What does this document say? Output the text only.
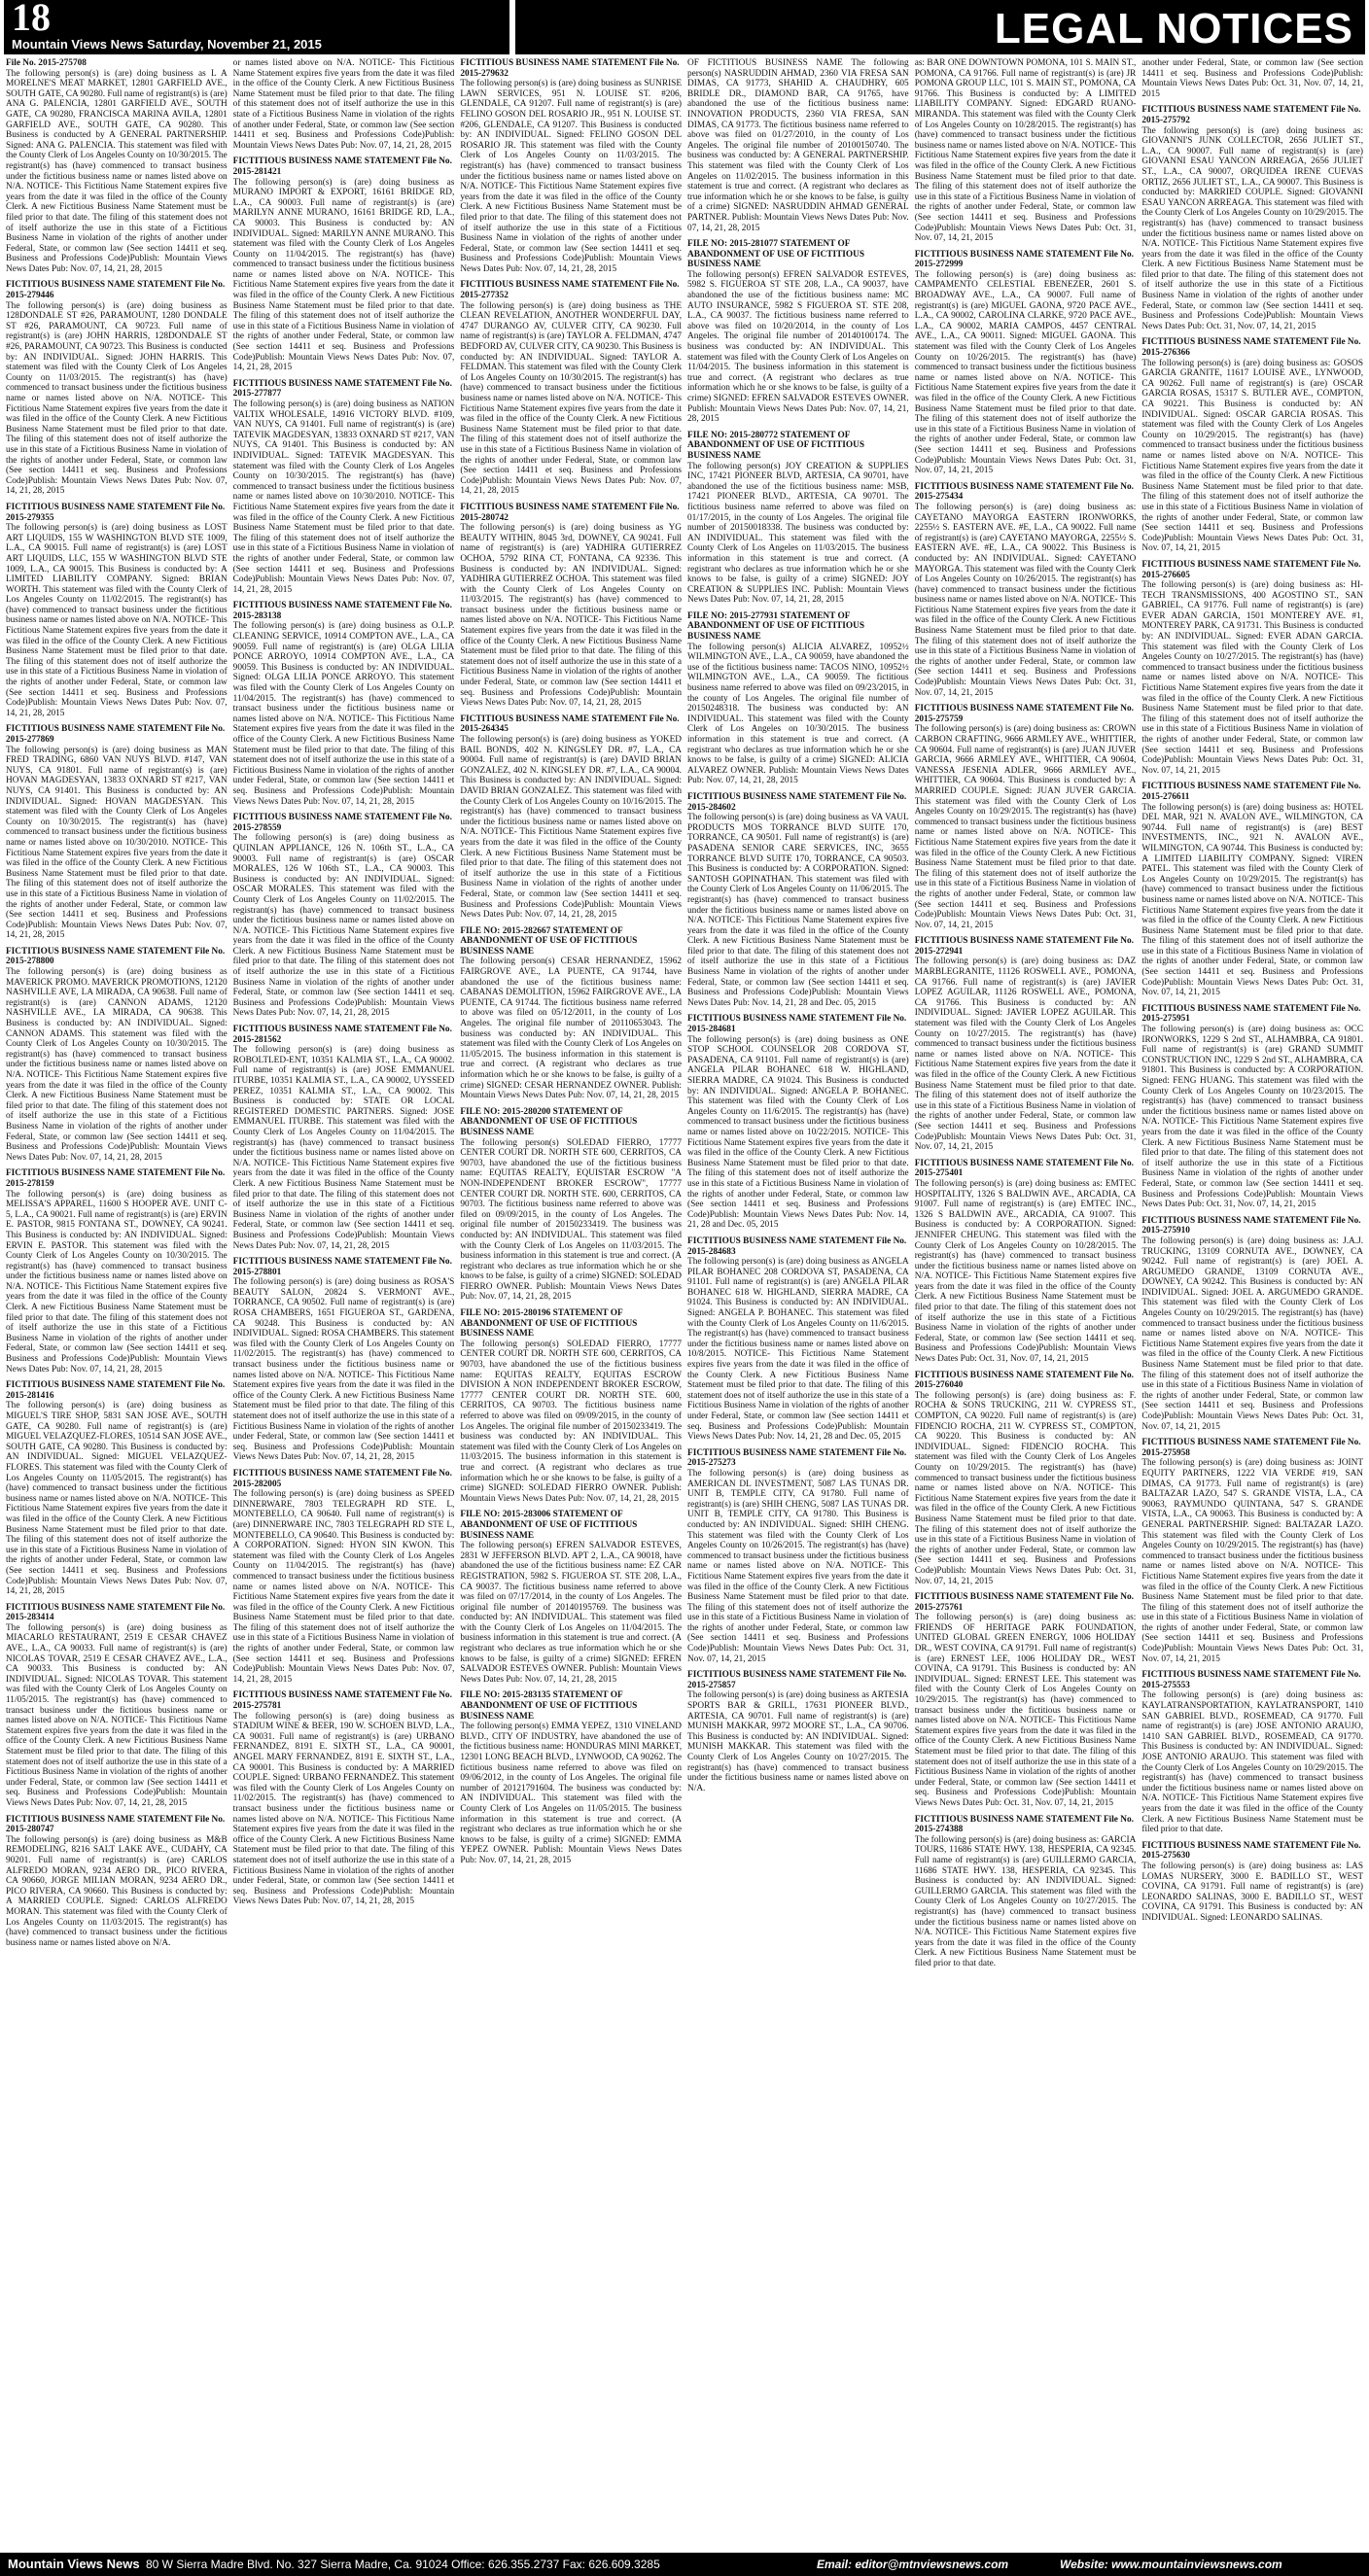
18
Mountain Views News Saturday, November 21, 2015	LEGAL NOTICES
File No. 2015-275708

The following person(s) is (are) doing business as L A MORELNE'S MEAT MARKET, 12801 GARFIELD AVE., SOUTH GATE, CA 90280. Full name of registrant(s) is (are) ANA G. PALENCIA, 12801 GARFIELD AVE., SOUTH GATE, CA 90280, FRANCISCA MARINA AVILA, 12801 GARFIELD AVE., SOUTH GATE, CA 90280. This Business is conducted by A GENERAL PARTNERSHIP. Signed: ANA G. PALENCIA. This statement was filed with the County Clerk of Los Angeles County on 10/30/2015. The registrant(s) has (have) commenced to transact business under the fictitious business name or names listed above on N/A. NOTICE- This Fictitious Name Statement expires five years from the date it was filed in the office of the County Clerk. A new Fictitious Business Name Statement must be filed prior to that date. The filing of this statement does not of itself authorize the use in this state of a Fictitious Business Name in violation of the rights of another under Federal, State, or common law (See section 14411 et seq. Business and Professions Code)Publish: Mountain Views News Dates Pub: Nov. 07, 14, 21, 28, 2015

FICTITIOUS BUSINESS NAME STATEMENT File No. 2015-279446

The following person(s) is (are) doing business as 128DONDALE ST #26, PARAMOUNT, 1280 DONDALE ST #26, PARAMOUNT, CA 90723. Full name of registrant(s) is (are) JOHN HARRIS, 128DONDALE ST #26, PARAMOUNT, CA 90723. This Business is conducted by: AN INDIVIDUAL. Signed: JOHN HARRIS. This statement was filed with the County Clerk of Los Angeles County on 11/03/2015. The registrant(s) has (have) commenced to transact business under the fictitious business name or names listed above on N/A. NOTICE- This Fictitious Name Statement expires five years from the date it was filed in the office of the County Clerk. A new Fictitious Business Name Statement must be filed prior to that date. The filing of this statement does not of itself authorize the use in this state of a Fictitious Business Name in violation of the rights of another under Federal, State, or common law (See section 14411 et seq. Business and Professions Code)Publish: Mountain Views News Dates Pub: Nov. 07, 14, 21, 28, 2015

FICTITIOUS BUSINESS NAME STATEMENT File No. 2015-279355

The following person(s) is (are) doing business as LOST ART LIQUIDS, 155 W WASHINGTON BLVD STE 1009, L.A., CA 90015. Full name of registrant(s) is (are) LOST ART LIQUIDS, LLC, 155 W WASHINGTON BLVD STE 1009, L.A., CA 90015. This Business is conducted by: A LIMITED LIABILITY COMPANY. Signed: BRIAN WORTH. This statement was filed with the County Clerk of Los Angeles County on 11/02/2015. The registrant(s) has (have) commenced to transact business under the fictitious business name or names listed above on N/A. NOTICE- This Fictitious Name Statement expires five years from the date it was filed in the office of the County Clerk. A new Fictitious Business Name Statement must be filed prior to that date. The filing of this statement does not of itself authorize the use in this state of a Fictitious Business Name in violation of the rights of another under Federal, State, or common law (See section 14411 et seq. Business and Professions Code)Publish: Mountain Views News Dates Pub: Nov. 07, 14, 21, 28, 2015

FICTITIOUS BUSINESS NAME STATEMENT File No. 2015-277869

The following person(s) is (are) doing business as MAN FRED TRADING, 6860 VAN NUYS BLVD. #147, VAN NUYS, CA 91801. Full name of registrant(s) is (are) HOVAN MAGDESYAN, 13833 OXNARD ST #217, VAN NUYS, CA 91401. This Business is conducted by: AN INDIVIDUAL. Signed: HOVAN MAGDESYAN. This statement was filed with the County Clerk of Los Angeles County on 10/30/2015. The registrant(s) has (have) commenced to transact business under the fictitious business name or names listed above on 10/30/2010. NOTICE- This Fictitious Name Statement expires five years from the date it was filed in the office of the County Clerk. A new Fictitious Business Name Statement must be filed prior to that date. The filing of this statement does not of itself authorize the use in this state of a Fictitious Business Name in violation of the rights of another under Federal, State, or common law (See section 14411 et seq. Business and Professions Code)Publish: Mountain Views News Dates Pub: Nov. 07, 14, 21, 28, 2015

FICTITIOUS BUSINESS NAME STATEMENT File No. 2015-278800

The following person(s) is (are) doing business as MAVERICK PROMO. MAVERICK PROMOTIONS, 12120 NASHVILLE AVE, LA MIRADA, CA 90638. Full name of registrant(s) is (are) CANNON ADAMS, 12120 NASHVILLE AVE., LA MIRADA, CA 90638. This Business is conducted by: AN INDIVIDUAL. Signed: CANNON ADAMS. This statement was filed with the County Clerk of Los Angeles County on 10/30/2015. The registrant(s) has (have) commenced to transact business under the fictitious business name or names listed above on N/A. NOTICE- This Fictitious Name Statement expires five years from the date it was filed in the office of the County Clerk. A new Fictitious Business Name Statement must be filed prior to that date. The filing of this statement does not of itself authorize the use in this state of a Fictitious Business Name in violation of the rights of another under Federal, State, or common law (See section 14411 et seq. Business and Professions Code)Publish: Mountain Views News Dates Pub: Nov. 07, 14, 21, 28, 2015

FICTITIOUS BUSINESS NAME STATEMENT File No. 2015-278159

The following person(s) is (are) doing business as MELISSA'S APPAREL, 11600 S HOOPER AVE. UNIT C-5, L.A., CA 90021. Full name of registrant(s) is (are) ERVIN E. PASTOR, 9815 FONTANA ST., DOWNEY, CA 90241. This Business is conducted by: AN INDIVIDUAL. Signed: ERVIN E. PASTOR. This statement was filed with the County Clerk of Los Angeles County on 10/30/2015. The registrant(s) has (have) commenced to transact business under the fictitious business name or names listed above on N/A. NOTICE- This Fictitious Name Statement expires five years from the date it was filed in the office of the County Clerk. A new Fictitious Business Name Statement must be filed prior to that date. The filing of this statement does not of itself authorize the use in this state of a Fictitious Business Name in violation of the rights of another under Federal, State, or common law (See section 14411 et seq. Business and Professions Code)Publish: Mountain Views News Dates Pub: Nov. 07, 14, 21, 28, 2015

FICTITIOUS BUSINESS NAME STATEMENT File No. 2015-281416

The following person(s) is (are) doing business as MIGUEL'S TIRE SHOP, 5831 SAN JOSE AVE., SOUTH GATE, CA 90280. Full name of registrant(s) is (are) MIGUEL VELAZQUEZ-FLORES, 10514 SAN JOSE AVE., SOUTH GATE, CA 90280. This Business is conducted by: AN INDIVIDUAL. Signed: MIGUEL VELAZQUEZ-FLORES. This statement was filed with the County Clerk of Los Angeles County on 11/05/2015. The registrant(s) has (have) commenced to transact business under the fictitious business name or names listed above on N/A. NOTICE- This Fictitious Name Statement expires five years from the date it was filed in the office of the County Clerk. A new Fictitious Business Name Statement must be filed prior to that date. The filing of this statement does not of itself authorize the use in this state of a Fictitious Business Name in violation of the rights of another under Federal, State, or common law (See section 14411 et seq. Business and Professions Code)Publish: Mountain Views News Dates Pub: Nov. 07, 14, 21, 28, 2015

FICTITIOUS BUSINESS NAME STATEMENT File No. 2015-283414

The following person(s) is (are) doing business as MIACARLO RESTAURANT, 2519 E CESAR CHAVEZ AVE., L.A., CA 90033. Full name of registrant(s) is (are) NICOLAS TOVAR, 2519 E CESAR CHAVEZ AVE., L.A., CA 90033. This Business is conducted by: AN INDIVIDUAL. Signed: NICOLAS TOVAR. This statement was filed with the County Clerk of Los Angeles County on 11/05/2015. The registrant(s) has (have) commenced to transact business under the fictitious business name or names listed above on N/A. NOTICE- This Fictitious Name Statement expires five years from the date it was filed in the office of the County Clerk. A new Fictitious Business Name Statement must be filed prior to that date. The filing of this statement does not of itself authorize the use in this state of a Fictitious Business Name in violation of the rights of another under Federal, State, or common law (See section 14411 et seq. Business and Professions Code)Publish: Mountain Views News Dates Pub: Nov. 07, 14, 21, 28, 2015

FICTITIOUS BUSINESS NAME STATEMENT File No. 2015-280747

The following person(s) is (are) doing business as M&B REMODELING, 8216 SALT LAKE AVE., CUDAHY, CA 90201. Full name of registrant(s) is (are) CARLOS ALFREDO MORAN, 9234 AERO DR., PICO RIVERA, CA 90660, JORGE MILIAN MORAN, 9234 AERO DR., PICO RIVERA, CA 90660. This Business is conducted by: A MARRIED COUPLE. Signed: CARLOS ALFREDO MORAN. This statement was filed with the County Clerk of Los Angeles County on 11/03/2015. The registrant(s) has (have) commenced to transact business under the fictitious business name or names listed above on N/A.

or names listed above on N/A. NOTICE- This Fictitious Name Statement expires five years from the date it was filed in the office of the County Clerk. A new Fictitious Business Name Statement must be filed prior to that date. The filing of this statement does not of itself authorize the use in this state of a Fictitious Business Name in violation of the rights of another under Federal, State, or common law (See section 14411 et seq. Business and Professions Code)Publish: Mountain Views News Dates Pub: Nov. 07, 14, 21, 28, 2015

FICTITIOUS BUSINESS NAME STATEMENT File No. 2015-281421

The following person(s) is (are) doing business as MURANO IMPORT & EXPORT, 16161 BRIDGE RD, L.A., CA 90003. Full name of registrant(s) is (are) MARILYN ANNE MURANO, 16161 BRIDGE RD, L.A., CA 90003. This Business is conducted by: AN INDIVIDUAL. Signed: MARILYN ANNE MURANO. This statement was filed with the County Clerk of Los Angeles County on 11/04/2015. The registrant(s) has (have) commenced to transact business under the fictitious business name or names listed above on N/A. NOTICE- This Fictitious Name Statement expires five years from the date it was filed in the office of the County Clerk. A new Fictitious Business Name Statement must be filed prior to that date. The filing of this statement does not of itself authorize the use in this state of a Fictitious Business Name in violation of the rights of another under Federal, State, or common law (See section 14411 et seq. Business and Professions Code)Publish: Mountain Views News Dates Pub: Nov. 07, 14, 21, 28, 2015

FICTITIOUS BUSINESS NAME STATEMENT File No. 2015-277877

The following person(s) is (are) doing business as NATION VALTIX WHOLESALE, 14916 VICTORY BLVD. #109, VAN NUYS, CA 91401. Full name of registrant(s) is (are) TATEVIK MAGDESYAN, 13833 OXNARD ST #217, VAN NUYS, CA 91401. This Business is conducted by: AN INDIVIDUAL. Signed: TATEVIK MAGDESYAN. This statement was filed with the County Clerk of Los Angeles County on 10/30/2015. The registrant(s) has (have) commenced to transact business under the fictitious business name or names listed above on 10/30/2010. NOTICE- This Fictitious Name Statement expires five years from the date it was filed in the office of the County Clerk. A new Fictitious Business Name Statement must be filed prior to that date. The filing of this statement does not of itself authorize the use in this state of a Fictitious Business Name in violation of the rights of another under Federal, State, or common law (See section 14411 et seq. Business and Professions Code)Publish: Mountain Views News Dates Pub: Nov. 07, 14, 21, 28, 2015

FICTITIOUS BUSINESS NAME STATEMENT File No. 2015-283138

The following person(s) is (are) doing business as O.L.P. CLEANING SERVICE, 10914 COMPTON AVE., L.A., CA 90059. Full name of registrant(s) is (are) OLGA LILIA PONCE ARROYO, 10914 COMPTON AVE., L.A., CA 90059. This Business is conducted by: AN INDIVIDUAL. Signed: OLGA LILIA PONCE ARROYO. This statement was filed with the County Clerk of Los Angeles County on 11/04/2015. The registrant(s) has (have) commenced to transact business under the fictitious business name or names listed above on N/A. NOTICE- This Fictitious Name Statement expires five years from the date it was filed in the office of the County Clerk. A new Fictitious Business Name Statement must be filed prior to that date. The filing of this statement does not of itself authorize the use in this state of a Fictitious Business Name in violation of the rights of another under Federal, State, or common law (See section 14411 et seq. Business and Professions Code)Publish: Mountain Views News Dates Pub: Nov. 07, 14, 21, 28, 2015

FICTITIOUS BUSINESS NAME STATEMENT File No. 2015-278559

The following person(s) is (are) doing business as QUINLAN APPLIANCE, 126 N. 106th ST., L.A., CA 90003. Full name of registrant(s) is (are) OSCAR MORALES, 126 W 106th ST., L.A., CA 90003. This Business is conducted by: AN INDIVIDUAL. Signed: OSCAR MORALES. This statement was filed with the County Clerk of Los Angeles County on 11/02/2015. The registrant(s) has (have) commenced to transact business under the fictitious business name or names listed above on N/A. NOTICE- This Fictitious Name Statement expires five years from the date it was filed in the office of the County Clerk. A new Fictitious Business Name Statement must be filed prior to that date. The filing of this statement does not of itself authorize the use in this state of a Fictitious Business Name in violation of the rights of another under Federal, State, or common law (See section 14411 et seq. Business and Professions Code)Publish: Mountain Views News Dates Pub: Nov. 07, 14, 21, 28, 2015

FICTITIOUS BUSINESS NAME STATEMENT File No. 2015-281562

The following person(s) is (are) doing business as ROBOLTLED-ENT, 10351 KALMIA ST., L.A., CA 90002. Full name of registrant(s) is (are) JOSE EMMANUEL ITURBE, 10351 KALMIA ST., L.A., CA 90002, UYSSEED PEREZ, 10351 KALMIA ST., L.A., CA 90002. This Business is conducted by: STATE OR LOCAL REGISTERED DOMESTIC PARTNERS. Signed: JOSE EMMANUEL ITURBE. This statement was filed with the County Clerk of Los Angeles County on 11/04/2015. The registrant(s) has (have) commenced to transact business under the fictitious business name or names listed above on N/A. NOTICE- This Fictitious Name Statement expires five years from the date it was filed in the office of the County Clerk. A new Fictitious Business Name Statement must be filed prior to that date. The filing of this statement does not of itself authorize the use in this state of a Fictitious Business Name in violation of the rights of another under Federal, State, or common law (See section 14411 et seq. Business and Professions Code)Publish: Mountain Views News Dates Pub: Nov. 07, 14, 21, 28, 2015

FICTITIOUS BUSINESS NAME STATEMENT File No. 2015-278801

The following person(s) is (are) doing business as ROSA'S BEAUTY SALON, 20824 S. VERMONT AVE., TORRANCE, CA 90502. Full name of registrant(s) is (are) ROSA CHAMBERS, 1651 FIGUEROA ST., GARDENA, CA 90248. This Business is conducted by: AN INDIVIDUAL. Signed: ROSA CHAMBERS. This statement was filed with the County Clerk of Los Angeles County on 11/02/2015. The registrant(s) has (have) commenced to transact business under the fictitious business name or names listed above on N/A. NOTICE- This Fictitious Name Statement expires five years from the date it was filed in the office of the County Clerk. A new Fictitious Business Name Statement must be filed prior to that date. The filing of this statement does not of itself authorize the use in this state of a Fictitious Business Name in violation of the rights of another under Federal, State, or common law (See section 14411 et seq. Business and Professions Code)Publish: Mountain Views News Dates Pub: Nov. 07, 14, 21, 28, 2015

FICTITIOUS BUSINESS NAME STATEMENT File No. 2015-282005

The following person(s) is (are) doing business as SPEED DINNERWARE, 7803 TELEGRAPH RD STE. L, MONTEBELLO, CA 90640. Full name of registrant(s) is (are) DINNERWARE INC, 7803 TELEGRAPH RD STE L, MONTEBELLO, CA 90640. This Business is conducted by: A CORPORATION. Signed: HYON SIN KWON. This statement was filed with the County Clerk of Los Angeles County on 11/04/2015. The registrant(s) has (have) commenced to transact business under the fictitious business name or names listed above on N/A. NOTICE- This Fictitious Name Statement expires five years from the date it was filed in the office of the County Clerk. A new Fictitious Business Name Statement must be filed prior to that date. The filing of this statement does not of itself authorize the use in this state of a Fictitious Business Name in violation of the rights of another under Federal, State, or common law (See section 14411 et seq. Business and Professions Code)Publish: Mountain Views News Dates Pub: Nov. 07, 14, 21, 28, 2015

FICTITIOUS BUSINESS NAME STATEMENT File No. 2015-275781

The following person(s) is (are) doing business as STADIUM WINE & BEER, 190 W. SCHOEN BLVD, L.A., CA 90031. Full name of registrant(s) is (are) URBANO FERNANDEZ, 8191 E. SIXTH ST., L.A., CA 90001, ANGEL MARY FERNANDEZ, 8191 E. SIXTH ST., L.A., CA 90001. This Business is conducted by: A MARRIED COUPLE. Signed: URBANO FERNANDEZ. This statement was filed with the County Clerk of Los Angeles County on 11/02/2015. The registrant(s) has (have) commenced to transact business under the fictitious business name or names listed above on N/A. NOTICE- This Fictitious Name Statement expires five years from the date it was filed in the office of the County Clerk. A new Fictitious Business Name Statement must be filed prior to that date. The filing of this statement does not of itself authorize the use in this state of a Fictitious Business Name in violation of the rights of another under Federal, State, or common law (See section 14411 et seq. Business and Professions Code)Publish: Mountain Views News Dates Pub: Nov. 07, 14, 21, 28, 2015

FICTITIOUS BUSINESS NAME STATEMENT File No. 2015-279632

The following person(s) is (are) doing business as SUNRISE LAWN SERVICES, 951 N. LOUISE ST. #206, GLENDALE, CA 91207. Full name of registrant(s) is (are) FELINO GOSON DEL ROSARIO JR., 951 N. LOUISE ST. #206, GLENDALE, CA 91207. This Business is conducted by: AN INDIVIDUAL. Signed: FELINO GOSON DEL ROSARIO JR. This statement was filed with the County Clerk of Los Angeles County on 11/03/2015. The registrant(s) has (have) commenced to transact business under the fictitious business name or names listed above on N/A. NOTICE- This Fictitious Name Statement expires five years from the date it was filed in the office of the County Clerk. A new Fictitious Business Name Statement must be filed prior to that date. The filing of this statement does not of itself authorize the use in this state of a Fictitious Business Name in violation of the rights of another under Federal, State, or common law (See section 14411 et seq. Business and Professions Code)Publish: Mountain Views News Dates Pub: Nov. 07, 14, 21, 28, 2015

FICTITIOUS BUSINESS NAME STATEMENT File No. 2015-277352

The following person(s) is (are) doing business as THE CLEAN REVELATION, ANOTHER WONDERFUL DAY, 4747 DURANGO AV, CULVER CITY, CA 90230. Full name of registrant(s) is (are) TAYLOR A. FELDMAN, 4747 BEDFORD AV, CULVER CITY, CA 90230. This Business is conducted by: AN INDIVIDUAL. Signed: TAYLOR A. FELDMAN. This statement was filed with the County Clerk of Los Angeles County on 10/30/2015. The registrant(s) has (have) commenced to transact business under the fictitious business name or names listed above on N/A. NOTICE- This Fictitious Name Statement expires five years from the date it was filed in the office of the County Clerk. A new Fictitious Business Name Statement must be filed prior to that date. The filing of this statement does not of itself authorize the use in this state of a Fictitious Business Name in violation of the rights of another under Federal, State, or common law (See section 14411 et seq. Business and Professions Code)Publish: Mountain Views News Dates Pub: Nov. 07, 14, 21, 28, 2015

FICTITIOUS BUSINESS NAME STATEMENT File No. 2015-280742

The following person(s) is (are) doing business as YG BEAUTY WITHIN, 8045 3rd, DOWNEY, CA 90241. Full name of registrant(s) is (are) YADHIRA GUTIERREZ OCHOA, 5792 RINA CT, FONTANA, CA 92336. This Business is conducted by: AN INDIVIDUAL. Signed: YADHIRA GUTIERREZ OCHOA. This statement was filed with the County Clerk of Los Angeles County on 11/03/2015. The registrant(s) has (have) commenced to transact business under the fictitious business name or names listed above on N/A. NOTICE- This Fictitious Name Statement expires five years from the date it was filed in the office of the County Clerk. A new Fictitious Business Name Statement must be filed prior to that date. The filing of this statement does not of itself authorize the use in this state of a Fictitious Business Name in violation of the rights of another under Federal, State, or common law (See section 14411 et seq. Business and Professions Code)Publish: Mountain Views News Dates Pub: Nov. 07, 14, 21, 28, 2015

FICTITIOUS BUSINESS NAME STATEMENT File No. 2015-264345

The following person(s) is (are) doing business as YOKED BAIL BONDS, 402 N. KINGSLEY DR. #7, L.A., CA 90004. Full name of registrant(s) is (are) DAVID BRIAN GONZALEZ, 402 N. KINGSLEY DR. #7, L.A., CA 90004. This Business is conducted by: AN INDIVIDUAL. Signed: DAVID BRIAN GONZALEZ. This statement was filed with the County Clerk of Los Angeles County on 10/16/2015. The registrant(s) has (have) commenced to transact business under the fictitious business name or names listed above on N/A. NOTICE- This Fictitious Name Statement expires five years from the date it was filed in the office of the County Clerk. A new Fictitious Business Name Statement must be filed prior to that date. The filing of this statement does not of itself authorize the use in this state of a Fictitious Business Name in violation of the rights of another under Federal, State, or common law (See section 14411 et seq. Business and Professions Code)Publish: Mountain Views News Dates Pub: Nov. 07, 14, 21, 28, 2015

FILE NO: 2015-282667 STATEMENT OF ABANDONMENT OF USE OF FICTITIOUS BUSINESS NAME

The following person(s) CESAR HERNANDEZ, 15962 FAIRGROVE AVE., LA PUENTE, CA 91744, have abandoned the use of the fictitious business name: CABANAS DEMOLITION, 15962 FAIRGROVE AVE., LA PUENTE, CA 91744. The fictitious business name referred to above was filed on 05/12/2011, in the county of Los Angeles. The original file number of 20110653043. The business was conducted by: AN INDIVIDUAL. This statement was filed with the County Clerk of Los Angeles on 11/05/2015. The business information in this statement is true and correct. (A registrant who declares as true information which he or she knows to be false, is guilty of a crime) SIGNED: CESAR HERNANDEZ OWNER. Publish: Mountain Views News Dates Pub: Nov. 07, 14, 21, 28, 2015

FILE NO: 2015-280200 STATEMENT OF ABANDONMENT OF USE OF FICTITIOUS BUSINESS NAME

The following person(s) SOLEDAD FIERRO, 17777 CENTER COURT DR. NORTH STE 600, CERRITOS, CA 90703, have abandoned the use of the fictitious business name: EQUITAS REALTY, EQUISTAR ESCROW "A NON-INDEPENDENT BROKER ESCROW", 17777 CENTER COURT DR. NORTH STE. 600, CERRITOS, CA 90703. The fictitious business name referred to above was filed on 09/09/2015, in the county of Los Angeles. The original file number of 20150233419. The business was conducted by: AN INDIVIDUAL. This statement was filed with the County Clerk of Los Angeles on 11/03/2015. The business information in this statement is true and correct. (A registrant who declares as true information which he or she knows to be false, is guilty of a crime) SIGNED: SOLEDAD FIERRO OWNER. Publish: Mountain Views News Dates Pub: Nov. 07, 14, 21, 28, 2015

FILE NO: 2015-280196 STATEMENT OF ABANDONMENT OF USE OF FICTITIOUS BUSINESS NAME

The following person(s) SOLEDAD FIERRO, 17777 CENTER COURT DR. NORTH STE 600, CERRITOS, CA 90703, have abandoned the use of the fictitious business name: EQUITAS REALTY, EQUITAS ESCROW DIVISION A NON INDEPENDENT BROKER ESCROW, 17777 CENTER COURT DR. NORTH STE. 600, CERRITOS, CA 90703. The fictitious business name referred to above was filed on 09/09/2015, in the county of Los Angeles. The original file number of 20150233419. The business was conducted by: AN INDIVIDUAL. This statement was filed with the County Clerk of Los Angeles on 11/03/2015. The business information in this statement is true and correct. (A registrant who declares as true information which he or she knows to be false, is guilty of a crime) SIGNED: SOLEDAD FIERRO OWNER. Publish: Mountain Views News Dates Pub: Nov. 07, 14, 21, 28, 2015

FILE NO: 2015-283006 STATEMENT OF ABANDONMENT OF USE OF FICTITIOUS BUSINESS NAME

The following person(s) EFREN SALVADOR ESTEVES, 2831 W JEFFERSON BLVD. APT 2, L.A., CA 90018, have abandoned the use of the fictitious business name: EZ CAR REGISTRATION, 5982 S. FIGUEROA ST. STE 208, L.A., CA 90037. The fictitious business name referred to above was filed on 07/17/2014, in the county of Los Angeles. The original file number of 20140195769. The business was conducted by: AN INDIVIDUAL. This statement was filed with the County Clerk of Los Angeles on 11/04/2015. The business information in this statement is true and correct. (A registrant who declares as true information which he or she knows to be false, is guilty of a crime) SIGNED: EFREN SALVADOR ESTEVES OWNER. Publish: Mountain Views News Dates Pub: Nov. 07, 14, 21, 28, 2015

FILE NO: 2015-283135 STATEMENT OF ABANDONMENT OF USE OF FICTITIOUS BUSINESS NAME

The following person(s) EMMA YEPEZ, 1310 VINELAND BLVD., CITY OF INDUSTRY, have abandoned the use of the fictitious business name: HONDURAS MINI MARKET, 12301 LONG BEACH BLVD., LYNWOOD, CA 90262. The fictitious business name referred to above was filed on 09/06/2012, in the county of Los Angeles. The original file number of 20121791604. The business was conducted by: AN INDIVIDUAL. This statement was filed with the County Clerk of Los Angeles on 11/05/2015. The business information in this statement is true and correct. (A registrant who declares as true information which he or she knows to be false, is guilty of a crime) SIGNED: EMMA YEPEZ OWNER. Publish: Mountain Views News Dates Pub: Nov. 07, 14, 21, 28, 2015

OF FICTITIOUS BUSINESS NAME The following person(s) NASRUDDIN AHMAD, 2360 VIA FRESA SAN DIMAS, CA 91773, SHAHID A. CHAUDHRY, 605 BRIDLE DR., DIAMOND BAR, CA 91765, have abandoned the use of the fictitious business name: INNOVATION PRODUCTS, 2360 VIA FRESA, SAN DIMAS, CA 91773. The fictitious business name referred to above was filed on 01/27/2010, in the county of Los Angeles. The original file number of 20100150740. The business was conducted by: A GENERAL PARTNERSHIP. This statement was filed with the County Clerk of Los Angeles on 11/02/2015. The business information in this statement is true and correct. (A registrant who declares as true information which he or she knows to be false, is guilty of a crime) SIGNED: NASRUDDIN AHMAD GENERAL PARTNER. Publish: Mountain Views News Dates Pub: Nov. 07, 14, 21, 28, 2015

FILE NO: 2015-281077 STATEMENT OF ABANDONMENT OF USE OF FICTITIOUS BUSINESS NAME

The following person(s) EFREN SALVADOR ESTEVES, 5982 S. FIGUEROA ST STE 208, L.A., CA 90037, have abandoned the use of the fictitious business name: MC AUTO INSURANCE, 5982 S FIGUEROA ST. STE 208, L.A., CA 90037. The fictitious business name referred to above was filed on 10/20/2014, in the county of Los Angeles. The original file number of 20140100174. The business was conducted by: AN INDIVIDUAL. This statement was filed with the County Clerk of Los Angeles on 11/04/2015. The business information in this statement is true and correct. (A registrant who declares as true information which he or she knows to be false, is guilty of a crime) SIGNED: EFREN SALVADOR ESTEVES OWNER. Publish: Mountain Views News Dates Pub: Nov. 07, 14, 21, 28, 2015

FILE NO: 2015-280772 STATEMENT OF ABANDONMENT OF USE OF FICTITIOUS BUSINESS NAME

The following person(s) JOY CREATION & SUPPLIES INC, 17421 PIONEER BLVD, ARTESIA, CA 90701, have abandoned the use of the fictitious business name: MSB, 17421 PIONEER BLVD., ARTESIA, CA 90701. The fictitious business name referred to above was filed on 01/17/2015, in the county of Los Angeles. The original file number of 20150018338. The business was conducted by: AN INDIVIDUAL. This statement was filed with the County Clerk of Los Angeles on 11/03/2015. The business information in this statement is true and correct. (A registrant who declares as true information which he or she knows to be false, is guilty of a crime) SIGNED: JOY CREATION & SUPPLIES INC. Publish: Mountain Views News Dates Pub: Nov. 07, 14, 21, 28, 2015

FILE NO: 2015-277931 STATEMENT OF ABANDONMENT OF USE OF FICTITIOUS BUSINESS NAME

The following person(s) ALICIA ALVAREZ, 10952½ WILMINGTON AVE., L.A., CA 90059, have abandoned the use of the fictitious business name: TACOS NINO, 10952½ WILMINGTON AVE., L.A., CA 90059. The fictitious business name referred to above was filed on 09/23/2015, in the county of Los Angeles. The original file number of 20150248318. The business was conducted by: AN INDIVIDUAL. This statement was filed with the County Clerk of Los Angeles on 10/30/2015. The business information in this statement is true and correct. (A registrant who declares as true information which he or she knows to be false, is guilty of a crime) SIGNED: ALICIA ALVAREZ OWNER. Publish: Mountain Views News Dates Pub: Nov. 07, 14, 21, 28, 2015

FICTITIOUS BUSINESS NAME STATEMENT File No. 2015-284602

The following person(s) is (are) doing business as VA VAUL PRODUCTS MOS TORRANCE BLVD SUITE 170, TORRANCE, CA 90501. Full name of registrant(s) is (are) PASADENA SENIOR CARE SERVICES, INC, 3655 TORRANCE BLVD SUITE 170, TORRANCE, CA 90503. This Business is conducted by: A CORPORATION. Signed: SANTOSH GOPINATHAN. This statement was filed with the County Clerk of Los Angeles County on 11/06/2015. The registrant(s) has (have) commenced to transact business under the fictitious business name or names listed above on N/A. NOTICE- This Fictitious Name Statement expires five years from the date it was filed in the office of the County Clerk. A new Fictitious Business Name Statement must be filed prior to that date. The filing of this statement does not of itself authorize the use in this state of a Fictitious Business Name in violation of the rights of another under Federal, State, or common law (See section 14411 et seq. Business and Professions Code)Publish: Mountain Views News Dates Pub: Nov. 14, 21, 28 and Dec. 05, 2015

FICTITIOUS BUSINESS NAME STATEMENT File No. 2015-284681

The following person(s) is (are) doing business as ONE STOP SCHOOL COUNSELOR 208 CORDOVA ST, PASADENA, CA 91101. Full name of registrant(s) is (are) ANGELA PILAR BOHANEC 618 W. HIGHLAND, SIERRA MADRE, CA 91024. This Business is conducted by: AN INDIVIDUAL. Signed: ANGELA P. BOHANEC. This statement was filed with the County Clerk of Los Angeles County on 11/6/2015. The registrant(s) has (have) commenced to transact business under the fictitious business name or names listed above on 10/22/2015. NOTICE- This Fictitious Name Statement expires five years from the date it was filed in the office of the County Clerk. A new Fictitious Business Name Statement must be filed prior to that date. The filing of this statement does not of itself authorize the use in this state of a Fictitious Business Name in violation of the rights of another under Federal, State, or common law (See section 14411 et seq. Business and Professions Code)Publish: Mountain Views News Dates Pub: Nov. 14, 21, 28 and Dec. 05, 2015

FICTITIOUS BUSINESS NAME STATEMENT File No. 2015-284683

The following person(s) is (are) doing business as ANGELA PILAR BOHANEC 208 CORDOVA ST, PASADENA, CA 91101. Full name of registrant(s) is (are) ANGELA PILAR BOHANEC 618 W. HIGHLAND, SIERRA MADRE, CA 91024. This Business is conducted by: AN INDIVIDUAL. Signed: ANGELA P. BOHANEC. This statement was filed with the County Clerk of Los Angeles County on 11/6/2015. The registrant(s) has (have) commenced to transact business under the fictitious business name or names listed above on 10/8/2015. NOTICE- This Fictitious Name Statement expires five years from the date it was filed in the office of the County Clerk. A new Fictitious Business Name Statement must be filed prior to that date. The filing of this statement does not of itself authorize the use in this state of a Fictitious Business Name in violation of the rights of another under Federal, State, or common law (See section 14411 et seq. Business and Professions Code)Publish: Mountain Views News Dates Pub: Nov. 14, 21, 28 and Dec. 05, 2015

FICTITIOUS BUSINESS NAME STATEMENT File No. 2015-275273

The following person(s) is (are) doing business as AMERICAN DL INVESTMENT, 5087 LAS TUNAS DR. UNIT B, TEMPLE CITY, CA 91780. Full name of registrant(s) is (are) SHIH CHENG, 5087 LAS TUNAS DR. UNIT B, TEMPLE CITY, CA 91780. This Business is conducted by: AN INDIVIDUAL. Signed: SHIH CHENG. This statement was filed with the County Clerk of Los Angeles County on 10/26/2015. The registrant(s) has (have) commenced to transact business under the fictitious business name or names listed above on N/A. NOTICE- This Fictitious Name Statement expires five years from the date it was filed in the office of the County Clerk. A new Fictitious Business Name Statement must be filed prior to that date. The filing of this statement does not of itself authorize the use in this state of a Fictitious Business Name in violation of the rights of another under Federal, State, or common law (See section 14411 et seq. Business and Professions Code)Publish: Mountain Views News Dates Pub: Oct. 31, Nov. 07, 14, 21, 2015

FICTITIOUS BUSINESS NAME STATEMENT File No. 2015-275857

The following person(s) is (are) doing business as ARTESIA SPORTS BAR & GRILL, 17631 PIONEER BLVD., ARTESIA, CA 90701. Full name of registrant(s) is (are) MUNISH MAKKAR, 9972 MOORE ST., L.A., CA 90706. This Business is conducted by: AN INDIVIDUAL. Signed: MUNISH MAKKAR. This statement was filed with the County Clerk of Los Angeles County on 10/27/2015. The registrant(s) has (have) commenced to transact business under the fictitious business name or names listed above on N/A.

as: BAR ONE DOWNTOWN POMONA, 101 S. MAIN ST., POMONA, CA 91766. Full name of registrant(s) is (are) JR POMONA GROUP LLC, 101 S. MAIN ST., POMONA, CA 91766. This Business is conducted by: A LIMITED LIABILITY COMPANY. Signed: EDGARD RUANO-MIRANDA. This statement was filed with the County Clerk of Los Angeles County on 10/28/2015. The registrant(s) has (have) commenced to transact business under the fictitious business name or names listed above on N/A. NOTICE- This Fictitious Name Statement expires five years from the date it was filed in the office of the County Clerk. A new Fictitious Business Name Statement must be filed prior to that date. The filing of this statement does not of itself authorize the use in this state of a Fictitious Business Name in violation of the rights of another under Federal, State, or common law (See section 14411 et seq. Business and Professions Code)Publish: Mountain Views News Dates Pub: Oct. 31, Nov. 07, 14, 21, 2015

FICTITIOUS BUSINESS NAME STATEMENT File No. 2015-272999

The following person(s) is (are) doing business as: CAMPAMENTO CELESTIAL EBENEZER, 2601 S. BROADWAY AVE., L.A., CA 90007. Full name of registrant(s) is (are) MIGUEL GAONA, 9720 PACE AVE., L.A., CA 90002, CAROLINA CLARKE, 9720 PACE AVE., L.A., CA 90002, MARIA CAMPOS, 4457 CENTRAL AVE., L.A., CA 90011. Signed: MIGUEL GAONA. This statement was filed with the County Clerk of Los Angeles County on 10/26/2015. The registrant(s) has (have) commenced to transact business under the fictitious business name or names listed above on N/A. NOTICE- This Fictitious Name Statement expires five years from the date it was filed in the office of the County Clerk. A new Fictitious Business Name Statement must be filed prior to that date. The filing of this statement does not of itself authorize the use in this state of a Fictitious Business Name in violation of the rights of another under Federal, State, or common law (See section 14411 et seq. Business and Professions Code)Publish: Mountain Views News Dates Pub: Oct. 31, Nov. 07, 14, 21, 2015

FICTITIOUS BUSINESS NAME STATEMENT File No. 2015-275434

The following person(s) is (are) doing business as: CAYETANO MAYORGA EASTERN IRONWORKS, 2255½ S. EASTERN AVE. #E, L.A., CA 90022. Full name of registrant(s) is (are) CAYETANO MAYORGA, 2255½ S. EASTERN AVE. #E, L.A., CA 90022. This Business is conducted by: AN INDIVIDUAL. Signed: CAYETANO MAYORGA. This statement was filed with the County Clerk of Los Angeles County on 10/26/2015. The registrant(s) has (have) commenced to transact business under the fictitious business name or names listed above on N/A. NOTICE- This Fictitious Name Statement expires five years from the date it was filed in the office of the County Clerk. A new Fictitious Business Name Statement must be filed prior to that date. The filing of this statement does not of itself authorize the use in this state of a Fictitious Business Name in violation of the rights of another under Federal, State, or common law (See section 14411 et seq. Business and Professions Code)Publish: Mountain Views News Dates Pub: Oct. 31, Nov. 07, 14, 21, 2015

FICTITIOUS BUSINESS NAME STATEMENT File No. 2015-275759

The following person(s) is (are) doing business as: CROWN CARBON CRAFTING, 9666 ARMLEY AVE., WHITTIER, CA 90604. Full name of registrant(s) is (are) JUAN JUVER GARCIA, 9666 ARMLEY AVE., WHITTIER, CA 90604, VANESSA JESENIA ADLER, 9666 ARMLEY AVE., WHITTIER, CA 90604. This Business is conducted by: A MARRIED COUPLE. Signed: JUAN JUVER GARCIA. This statement was filed with the County Clerk of Los Angeles County on 10/29/2015. The registrant(s) has (have) commenced to transact business under the fictitious business name or names listed above on N/A. NOTICE- This Fictitious Name Statement expires five years from the date it was filed in the office of the County Clerk. A new Fictitious Business Name Statement must be filed prior to that date. The filing of this statement does not of itself authorize the use in this state of a Fictitious Business Name in violation of the rights of another under Federal, State, or common law (See section 14411 et seq. Business and Professions Code)Publish: Mountain Views News Dates Pub: Oct. 31, Nov. 07, 14, 21, 2015

FICTITIOUS BUSINESS NAME STATEMENT File No. 2015-272941

The following person(s) is (are) doing business as: DAZ MARBLEGRANITE, 11126 ROSWELL AVE., POMONA, CA 91766. Full name of registrant(s) is (are) JAVIER LOPEZ AGUILAR, 11126 ROSWELL AVE., POMONA, CA 91766. This Business is conducted by: AN INDIVIDUAL. Signed: JAVIER LOPEZ AGUILAR. This statement was filed with the County Clerk of Los Angeles County on 10/27/2015. The registrant(s) has (have) commenced to transact business under the fictitious business name or names listed above on N/A. NOTICE- This Fictitious Name Statement expires five years from the date it was filed in the office of the County Clerk. A new Fictitious Business Name Statement must be filed prior to that date. The filing of this statement does not of itself authorize the use in this state of a Fictitious Business Name in violation of the rights of another under Federal, State, or common law (See section 14411 et seq. Business and Professions Code)Publish: Mountain Views News Dates Pub: Oct. 31, Nov. 07, 14, 21, 2015

FICTITIOUS BUSINESS NAME STATEMENT File No. 2015-275401

The following person(s) is (are) doing business as: EMTEC HOSPITALITY, 1326 S BALDWIN AVE., ARCADIA, CA 91007. Full name of registrant(s) is (are) EMTEC INC., 1326 S BALDWIN AVE., ARCADIA, CA 91007. This Business is conducted by: A CORPORATION. Signed: JENNIFER CHEUNG. This statement was filed with the County Clerk of Los Angeles County on 10/28/2015. The registrant(s) has (have) commenced to transact business under the fictitious business name or names listed above on N/A. NOTICE- This Fictitious Name Statement expires five years from the date it was filed in the office of the County Clerk. A new Fictitious Business Name Statement must be filed prior to that date. The filing of this statement does not of itself authorize the use in this state of a Fictitious Business Name in violation of the rights of another under Federal, State, or common law (See section 14411 et seq. Business and Professions Code)Publish: Mountain Views News Dates Pub: Oct. 31, Nov. 07, 14, 21, 2015

FICTITIOUS BUSINESS NAME STATEMENT File No. 2015-276040

The following person(s) is (are) doing business as: F. ROCHA & SONS TRUCKING, 211 W. CYPRESS ST., COMPTON, CA 90220. Full name of registrant(s) is (are) FIDENCIO ROCHA, 211 W. CYPRESS ST., COMPTON, CA 90220. This Business is conducted by: AN INDIVIDUAL. Signed: FIDENCIO ROCHA. This statement was filed with the County Clerk of Los Angeles County on 10/29/2015. The registrant(s) has (have) commenced to transact business under the fictitious business name or names listed above on N/A. NOTICE- This Fictitious Name Statement expires five years from the date it was filed in the office of the County Clerk. A new Fictitious Business Name Statement must be filed prior to that date. The filing of this statement does not of itself authorize the use in this state of a Fictitious Business Name in violation of the rights of another under Federal, State, or common law (See section 14411 et seq. Business and Professions Code)Publish: Mountain Views News Dates Pub: Oct. 31, Nov. 07, 14, 21, 2015

FICTITIOUS BUSINESS NAME STATEMENT File No. 2015-275761

The following person(s) is (are) doing business as: FRIENDS OF HERITAGE PARK FOUNDATION, UNITED GLOBAL GREEN ENERGY, 1006 HOLIDAY DR., WEST COVINA, CA 91791. Full name of registrant(s) is (are) ERNEST LEE, 1006 HOLIDAY DR., WEST COVINA, CA 91791. This Business is conducted by: AN INDIVIDUAL. Signed: ERNEST LEE. This statement was filed with the County Clerk of Los Angeles County on 10/29/2015. The registrant(s) has (have) commenced to transact business under the fictitious business name or names listed above on N/A. NOTICE- This Fictitious Name Statement expires five years from the date it was filed in the office of the County Clerk. A new Fictitious Business Name Statement must be filed prior to that date. The filing of this statement does not of itself authorize the use in this state of a Fictitious Business Name in violation of the rights of another under Federal, State, or common law (See section 14411 et seq. Business and Professions Code)Publish: Mountain Views News Dates Pub: Oct. 31, Nov. 07, 14, 21, 2015

FICTITIOUS BUSINESS NAME STATEMENT File No. 2015-274388

The following person(s) is (are) doing business as: GARCIA TOURS, 11686 STATE HWY. 138, HESPERIA, CA 92345. Full name of registrant(s) is (are) GUILLERMO GARCIA, 11686 STATE HWY. 138, HESPERIA, CA 92345. This Business is conducted by: AN INDIVIDUAL. Signed: GUILLERMO GARCIA. This statement was filed with the County Clerk of Los Angeles County on 10/27/2015. The registrant(s) has (have) commenced to transact business under the fictitious business name or names listed above on N/A. NOTICE- This Fictitious Name Statement expires five years from the date it was filed in the office of the County Clerk. A new Fictitious Business Name Statement must be filed prior to that date.

another under Federal, State, or common law (See section 14411 et seq. Business and Professions Code)Publish: Mountain Views News Dates Pub: Oct. 31, Nov. 07, 14, 21, 2015

FICTITIOUS BUSINESS NAME STATEMENT File No. 2015-275792

The following person(s) is (are) doing business as: GIOVANNI'S JUNK COLLECTOR, 2656 JULIET ST., L.A., CA 90007. Full name of registrant(s) is (are) GIOVANNI ESAU YANCON ARREAGA, 2656 JULIET ST., L.A., CA 90007, ORQUIDEA IRENE CUEVAS ORTIZ, 2656 JULIET ST., L.A., CA 90007. This Business is conducted by: MARRIED COUPLE. Signed: GIOVANNI ESAU YANCON ARREAGA. This statement was filed with the County Clerk of Los Angeles County on 10/29/2015. The registrant(s) has (have) commenced to transact business under the fictitious business name or names listed above on N/A. NOTICE- This Fictitious Name Statement expires five years from the date it was filed in the office of the County Clerk. A new Fictitious Business Name Statement must be filed prior to that date. The filing of this statement does not of itself authorize the use in this state of a Fictitious Business Name in violation of the rights of another under Federal, State, or common law (See section 14411 et seq. Business and Professions Code)Publish: Mountain Views News Dates Pub: Oct. 31, Nov. 07, 14, 21, 2015

FICTITIOUS BUSINESS NAME STATEMENT File No. 2015-276366

The following person(s) is (are) doing business as: GOSOS GARCIA GRANITE, 11617 LOUISE AVE., LYNWOOD, CA 90262. Full name of registrant(s) is (are) OSCAR GARCIA ROSAS, 15317 S. BUTLER AVE., COMPTON, CA 90221. This Business is conducted by: AN INDIVIDUAL. Signed: OSCAR GARCIA ROSAS. This statement was filed with the County Clerk of Los Angeles County on 10/29/2015. The registrant(s) has (have) commenced to transact business under the fictitious business name or names listed above on N/A. NOTICE- This Fictitious Name Statement expires five years from the date it was filed in the office of the County Clerk. A new Fictitious Business Name Statement must be filed prior to that date. The filing of this statement does not of itself authorize the use in this state of a Fictitious Business Name in violation of the rights of another under Federal, State, or common law (See section 14411 et seq. Business and Professions Code)Publish: Mountain Views News Dates Pub: Oct. 31, Nov. 07, 14, 21, 2015

FICTITIOUS BUSINESS NAME STATEMENT File No. 2015-276605

The following person(s) is (are) doing business as: HI-TECH TRANSMISSIONS, 400 AGOSTINO ST., SAN GABRIEL, CA 91776. Full name of registrant(s) is (are) EVER ADAN GARCIA, 1501 MONTEREY AVE. #1, MONTEREY PARK, CA 91731. This Business is conducted by: AN INDIVIDUAL. Signed: EVER ADAN GARCIA. This statement was filed with the County Clerk of Los Angeles County on 10/27/2015. The registrant(s) has (have) commenced to transact business under the fictitious business name or names listed above on N/A. NOTICE- This Fictitious Name Statement expires five years from the date it was filed in the office of the County Clerk. A new Fictitious Business Name Statement must be filed prior to that date. The filing of this statement does not of itself authorize the use in this state of a Fictitious Business Name in violation of the rights of another under Federal, State, or common law (See section 14411 et seq. Business and Professions Code)Publish: Mountain Views News Dates Pub: Oct. 31, Nov. 07, 14, 21, 2015

FICTITIOUS BUSINESS NAME STATEMENT File No. 2015-276611

The following person(s) is (are) doing business as: HOTEL DEL MAR, 921 N. AVALON AVE., WILMINGTON, CA 90744. Full name of registrant(s) is (are) BEST INVESTMENTS, INC., 921 N. AVALON AVE., WILMINGTON, CA 90744. This Business is conducted by: A LIMITED LIABILITY COMPANY. Signed: VIREN PATEL. This statement was filed with the County Clerk of Los Angeles County on 10/29/2015. The registrant(s) has (have) commenced to transact business under the fictitious business name or names listed above on N/A. NOTICE- This Fictitious Name Statement expires five years from the date it was filed in the office of the County Clerk. A new Fictitious Business Name Statement must be filed prior to that date. The filing of this statement does not of itself authorize the use in this state of a Fictitious Business Name in violation of the rights of another under Federal, State, or common law (See section 14411 et seq. Business and Professions Code)Publish: Mountain Views News Dates Pub: Oct. 31, Nov. 07, 14, 21, 2015

FICTITIOUS BUSINESS NAME STATEMENT File No. 2015-275951

The following person(s) is (are) doing business as: OCC IRONWORKS, 1229 S 2nd ST., ALHAMBRA, CA 91801. Full name of registrant(s) is (are) GRAND SUMMIT CONSTRUCTION INC, 1229 S 2nd ST., ALHAMBRA, CA 91801. This Business is conducted by: A CORPORATION. Signed: FENG HUANG. This statement was filed with the County Clerk of Los Angeles County on 10/23/2015. The registrant(s) has (have) commenced to transact business under the fictitious business name or names listed above on N/A. NOTICE- This Fictitious Name Statement expires five years from the date it was filed in the office of the County Clerk. A new Fictitious Business Name Statement must be filed prior to that date. The filing of this statement does not of itself authorize the use in this state of a Fictitious Business Name in violation of the rights of another under Federal, State, or common law (See section 14411 et seq. Business and Professions Code)Publish: Mountain Views News Dates Pub: Oct. 31, Nov. 07, 14, 21, 2015

FICTITIOUS BUSINESS NAME STATEMENT File No. 2015-275910

The following person(s) is (are) doing business as: J.A.J. TRUCKING, 13109 CORNUTA AVE., DOWNEY, CA 90242. Full name of registrant(s) is (are) JOEL A. ARGUMEDO GRANDE, 13109 CORNUTA AVE., DOWNEY, CA 90242. This Business is conducted by: AN INDIVIDUAL. Signed: JOEL A. ARGUMEDO GRANDE. This statement was filed with the County Clerk of Los Angeles County on 10/29/2015. The registrant(s) has (have) commenced to transact business under the fictitious business name or names listed above on N/A. NOTICE- This Fictitious Name Statement expires five years from the date it was filed in the office of the County Clerk. A new Fictitious Business Name Statement must be filed prior to that date. The filing of this statement does not of itself authorize the use in this state of a Fictitious Business Name in violation of the rights of another under Federal, State, or common law (See section 14411 et seq. Business and Professions Code)Publish: Mountain Views News Dates Pub: Oct. 31, Nov. 07, 14, 21, 2015

FICTITIOUS BUSINESS NAME STATEMENT File No. 2015-275958

The following person(s) is (are) doing business as: JOINT EQUITY PARTNERS, 1222 VIA VERDE #19, SAN DIMAS, CA 91773. Full name of registrant(s) is (are) BALTAZAR LAZO, 547 S. GRANDE VISTA, L.A., CA 90063, RAYMUNDO QUINTANA, 547 S. GRANDE VISTA, L.A., CA 90063. This Business is conducted by: A GENERAL PARTNERSHIP. Signed: BALTAZAR LAZO. This statement was filed with the County Clerk of Los Angeles County on 10/29/2015. The registrant(s) has (have) commenced to transact business under the fictitious business name or names listed above on N/A. NOTICE- This Fictitious Name Statement expires five years from the date it was filed in the office of the County Clerk. A new Fictitious Business Name Statement must be filed prior to that date. The filing of this statement does not of itself authorize the use in this state of a Fictitious Business Name in violation of the rights of another under Federal, State, or common law (See section 14411 et seq. Business and Professions Code)Publish: Mountain Views News Dates Pub: Oct. 31, Nov. 07, 14, 21, 2015

FICTITIOUS BUSINESS NAME STATEMENT File No. 2015-275553

The following person(s) is (are) doing business as: KAYLATRANSPORTATION, KAYLATRANSPORT, 1410 SAN GABRIEL BLVD., ROSEMEAD, CA 91770. Full name of registrant(s) is (are) JOSE ANTONIO ARAUJO, 1410 SAN GABRIEL BLVD., ROSEMEAD, CA 91770. This Business is conducted by: AN INDIVIDUAL. Signed: JOSE ANTONIO ARAUJO. This statement was filed with the County Clerk of Los Angeles County on 10/29/2015. The registrant(s) has (have) commenced to transact business under the fictitious business name or names listed above on N/A. NOTICE- This Fictitious Name Statement expires five years from the date it was filed in the office of the County Clerk. A new Fictitious Business Name Statement must be filed prior to that date.

FICTITIOUS BUSINESS NAME STATEMENT File No. 2015-275630

The following person(s) is (are) doing business as: LAS LOMAS NURSERY, 3000 E. BADILLO ST., WEST COVINA, CA 91791. Full name of registrant(s) is (are) LEONARDO SALINAS, 3000 E. BADILLO ST., WEST COVINA, CA 91791. This Business is conducted by: AN INDIVIDUAL. Signed: LEONARDO SALINAS.

Mountain Views News 80 W Sierra Madre Blvd. No. 327 Sierra Madre, Ca. 91024 Office: 626.355.2737 Fax: 626.609.3285	Email: editor@mtnviewsnews.com	Website: www.mountainviewsnews.com
